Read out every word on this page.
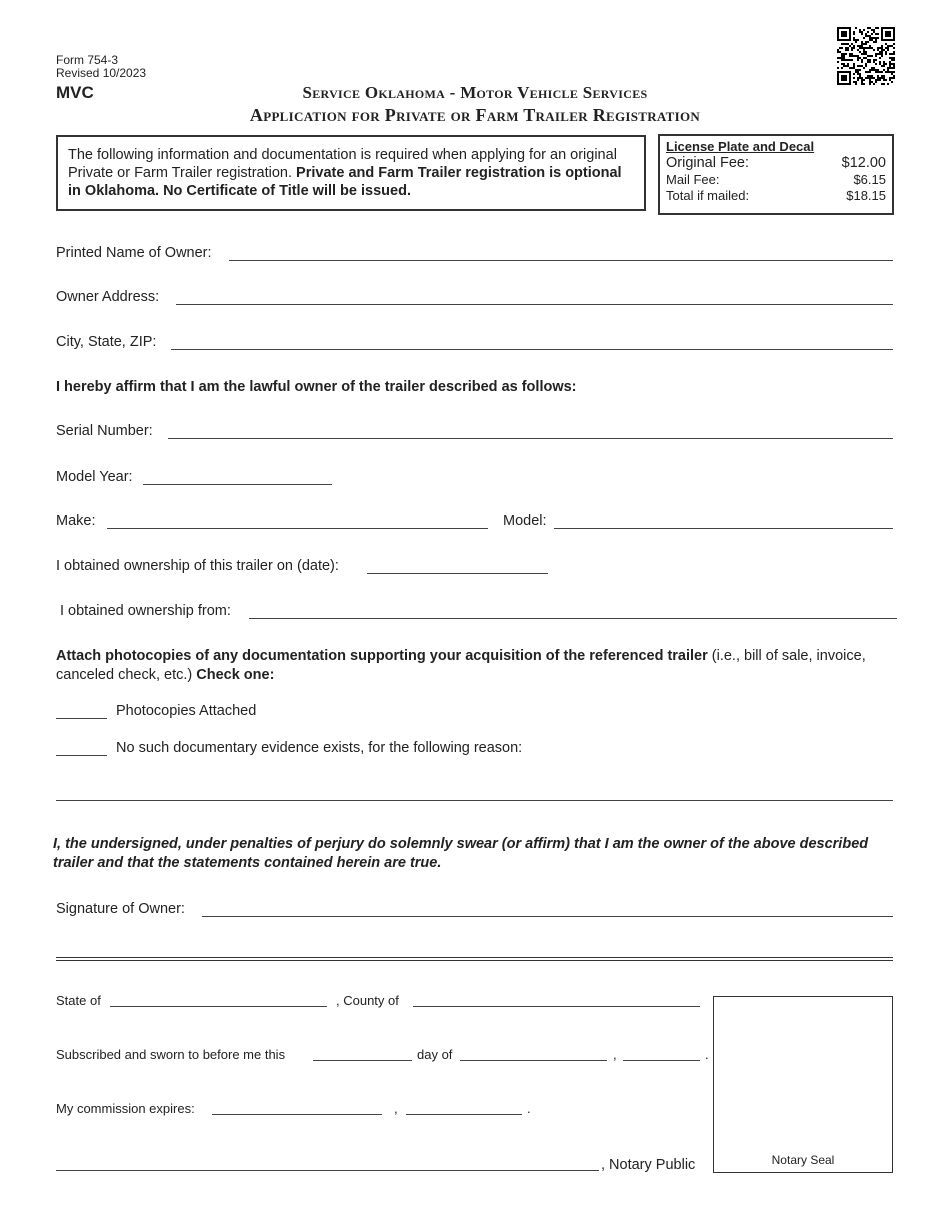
Form 754-3
Revised 10/2023
MVC	Service Oklahoma - Motor Vehicle Services
Application for Private or Farm Trailer Registration
The following information and documentation is required when applying for an original Private or Farm Trailer registration. Private and Farm Trailer registration is optional in Oklahoma. No Certificate of Title will be issued.
License Plate and Decal
Original Fee:	$12.00
Mail Fee:	$6.15
Total if mailed:	$18.15
Printed Name of Owner:
Owner Address:
City, State, ZIP:
I hereby affirm that I am the lawful owner of the trailer described as follows:
Serial Number:
Model Year:
Make:	Model:
I obtained ownership of this trailer on (date):
I obtained ownership from:
Attach photocopies of any documentation supporting your acquisition of the referenced trailer (i.e., bill of sale, invoice, canceled check, etc.) Check one:
Photocopies Attached
No such documentary evidence exists, for the following reason:
I, the undersigned, under penalties of perjury do solemnly swear (or affirm) that I am the owner of the above described trailer and that the statements contained herein are true.
Signature of Owner:
State of	, County of
Subscribed and sworn to before me this	day of	,	.
My commission expires:	,	.
, Notary Public	Notary Seal
